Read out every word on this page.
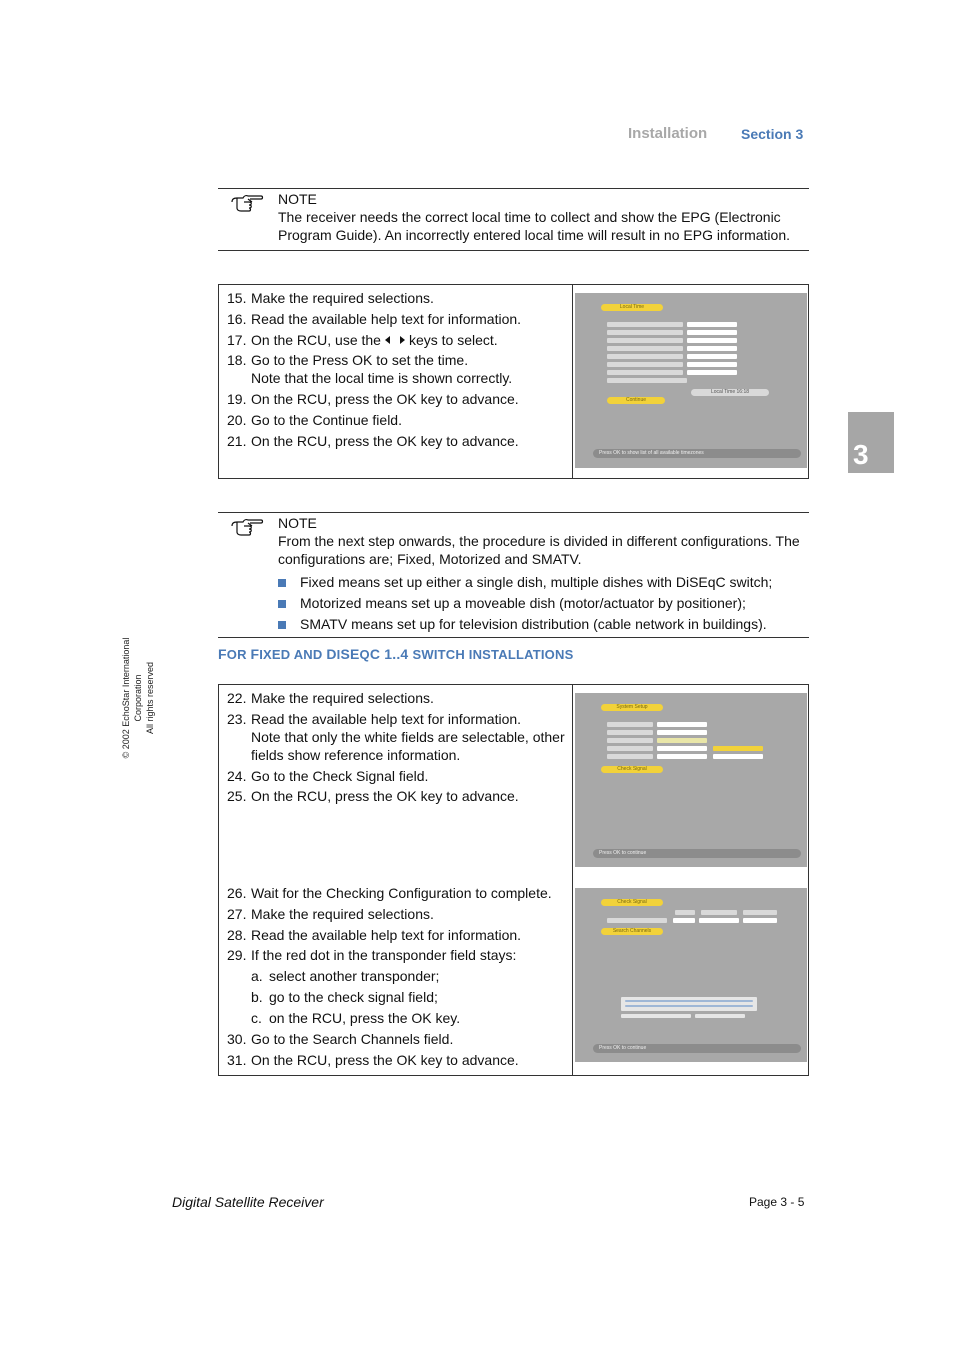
Installation Section 3
NOTE
The receiver needs the correct local time to collect and show the EPG (Electronic Program Guide). An incorrectly entered local time will result in no EPG information.
15. Make the required selections.
16. Read the available help text for information.
17. On the RCU, use the keys to select.
18. Go to the Press OK to set the time.
Note that the local time is shown correctly.
19. On the RCU, press the OK key to advance.
20. Go to the Continue field.
21. On the RCU, press the OK key to advance.
Local Time
Local Time 16:18
Continue
Press OK to show list of all available timezones	3
NOTE
From the next step onwards, the procedure is divided in different configurations. The configurations are; Fixed, Motorized and SMATV.
Fixed means set up either a single dish, multiple dishes with DiSEqC switch;
Motorized means set up a moveable dish (motor/actuator by positioner);
SMATV means set up for television distribution (cable network in buildings).
FOR FIXED AND DISEQC 1..4 SWITCH INSTALLATIONS
22. Make the required selections.
23. Read the available help text for information.
Note that only the white fields are selectable, other fields show reference information.
24. Go to the Check Signal field.
25. On the RCU, press the OK key to advance.
26. Wait for the Checking Configuration to complete.
27. Make the required selections.
28. Read the available help text for information.
29. If the red dot in the transponder field stays:
a. select another transponder;
b. go to the check signal field;
c. on the RCU, press the OK key.
30. Go to the Search Channels field.
31. On the RCU, press the OK key to advance.
System Setup
Check Signal
Press OK to continue
Check Signal
Search Channels
Press OK to continue
© 2002 EchoStar International Corporation All rights reserved
Digital Satellite Receiver	Page 3 - 5
